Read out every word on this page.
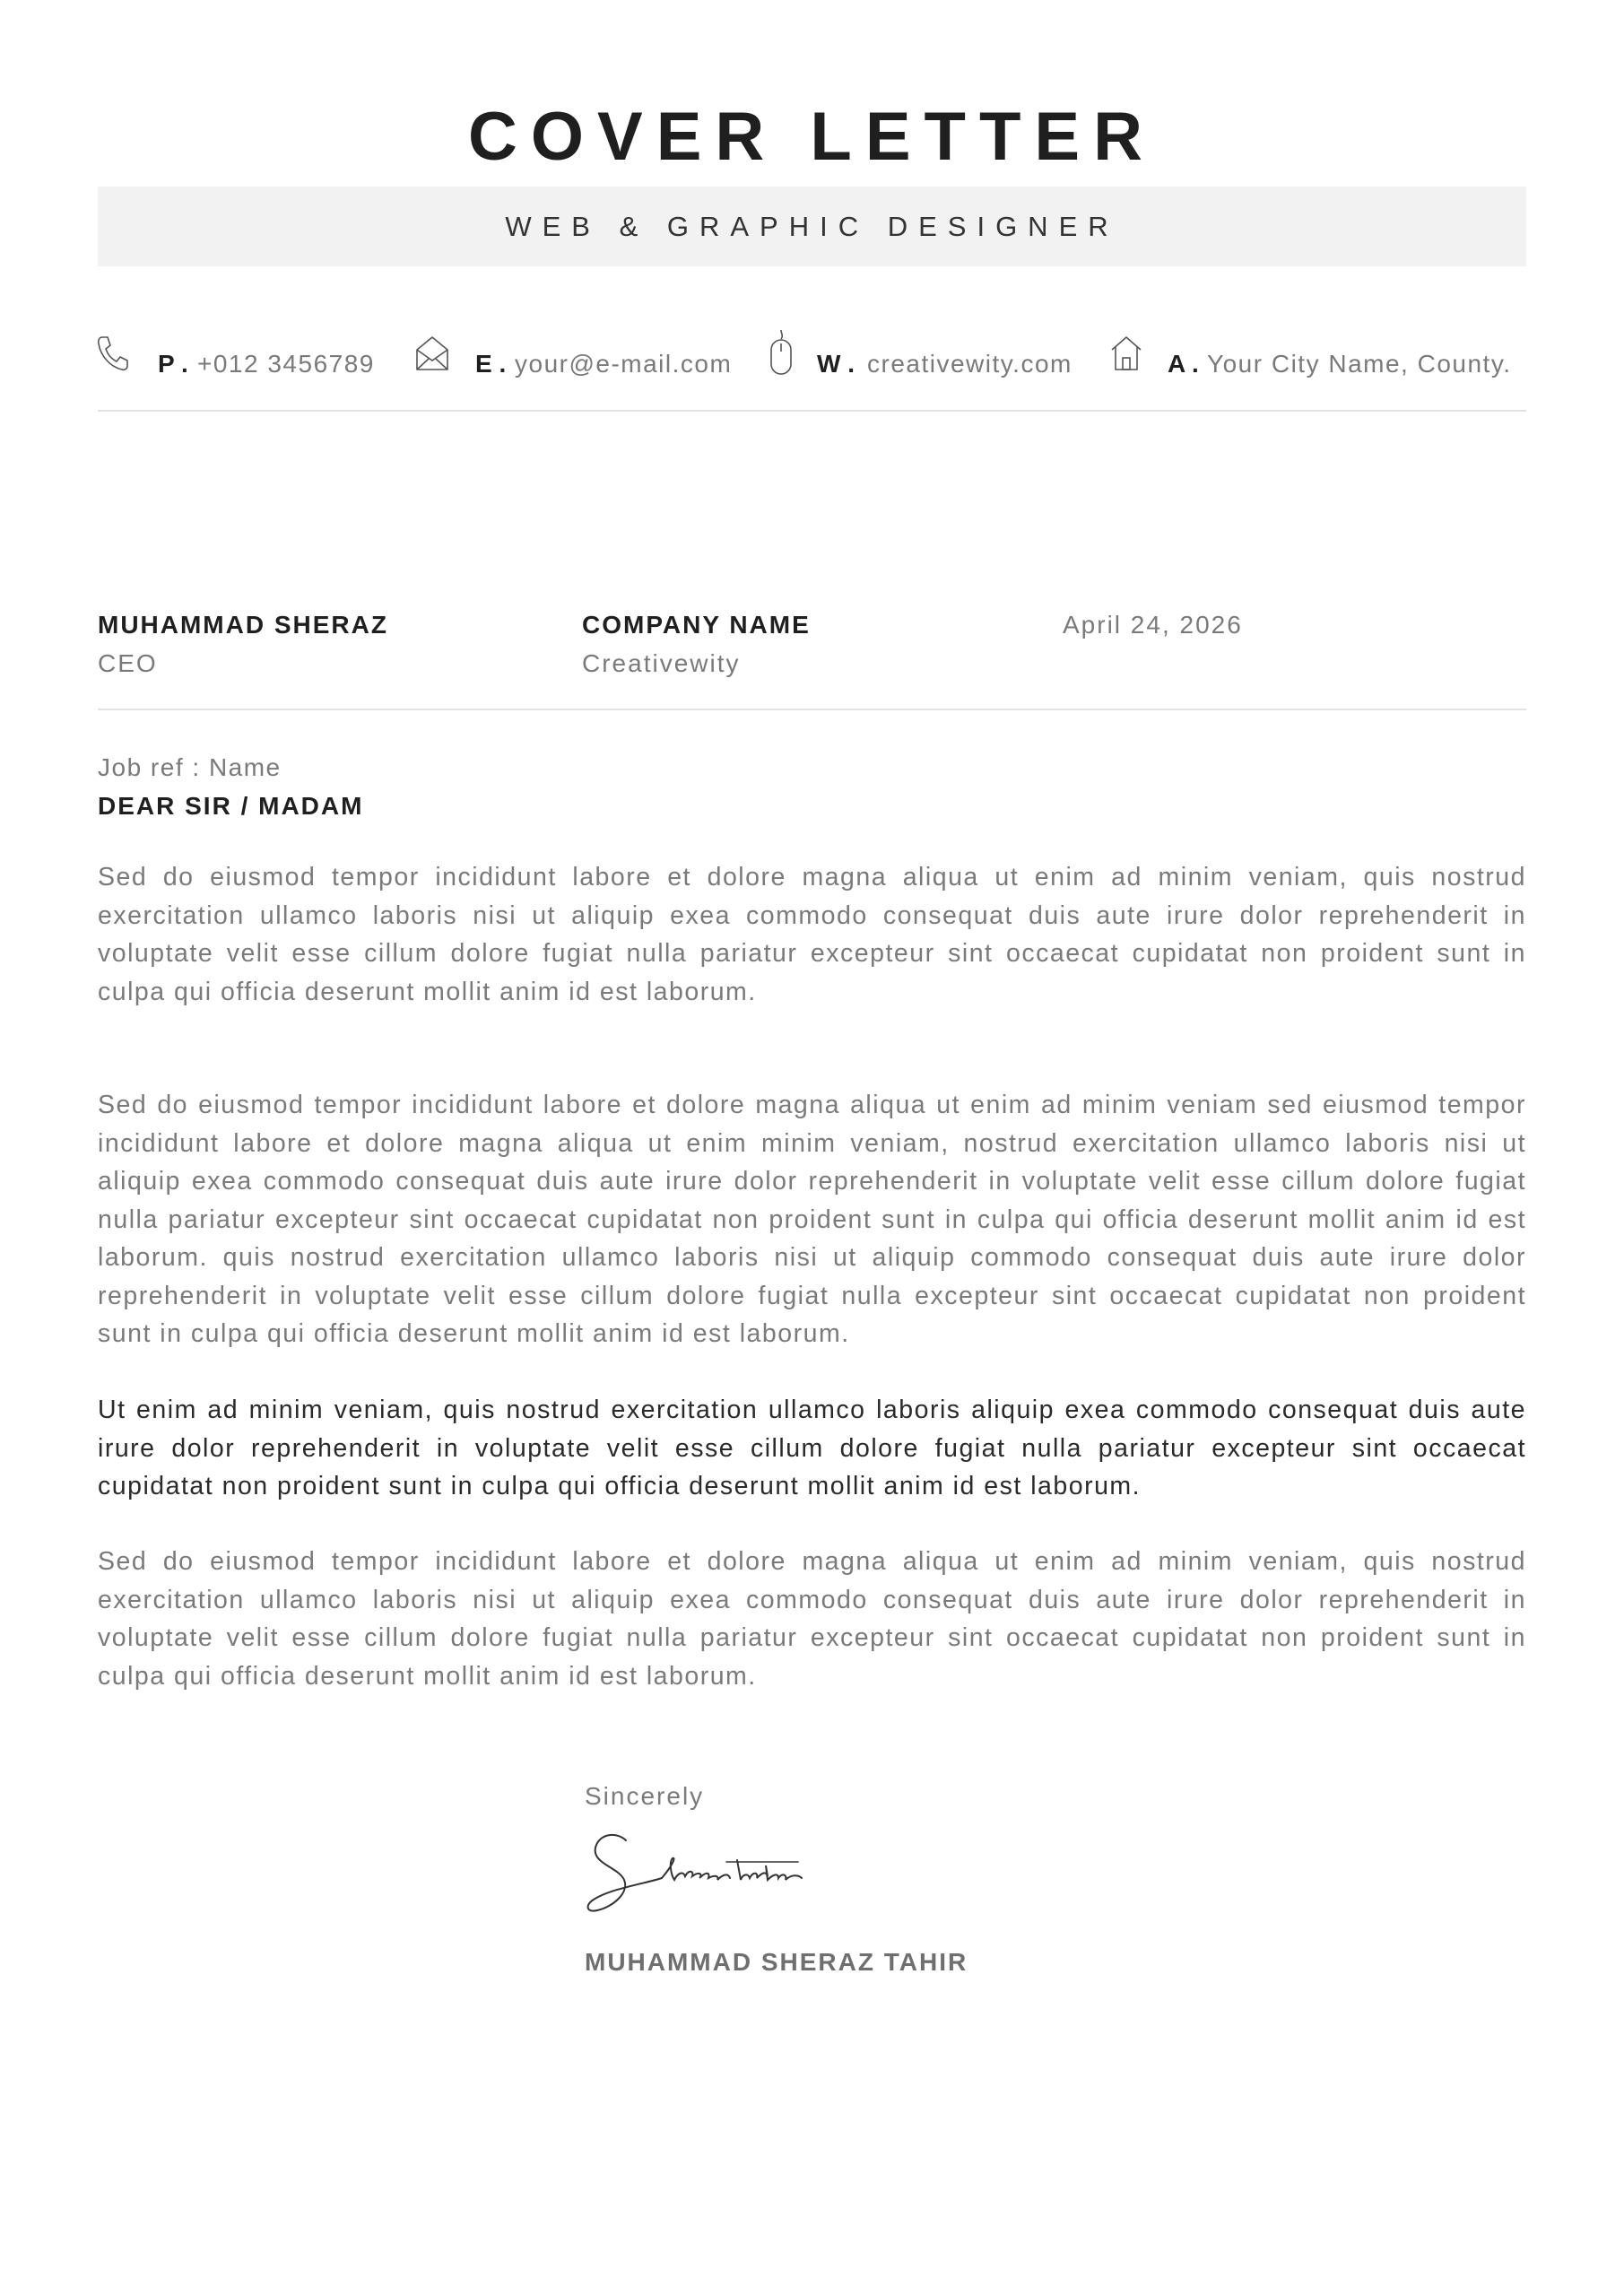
COVER LETTER
WEB & GRAPHIC DESIGNER
P . +012 3456789	E . your@e-mail.com	W . creativewity.com	A . Your City Name, County.
MUHAMMAD SHERAZ
CEO
COMPANY NAME
Creativewity
April 24, 2026
Job ref : Name
DEAR SIR / MADAM

Sed do eiusmod tempor incididunt labore et dolore magna aliqua ut enim ad minim veniam, quis nostrud exercitation ullamco laboris nisi ut aliquip exea commodo consequat duis aute irure dolor reprehenderit in voluptate velit esse cillum dolore fugiat nulla pariatur excepteur sint occaecat cupidatat non proident sunt in culpa qui officia deserunt mollit anim id est laborum.

Sed do eiusmod tempor incididunt labore et dolore magna aliqua ut enim ad minim veniam sed eiusmod tempor incididunt labore et dolore magna aliqua ut enim minim veniam, nostrud exercitation ullamco laboris nisi ut aliquip exea commodo consequat duis aute irure dolor reprehenderit in voluptate velit esse cillum dolore fugiat nulla pariatur excepteur sint occaecat cupidatat non proident sunt in culpa qui officia deserunt mollit anim id est laborum. quis nostrud exercitation ullamco laboris nisi ut aliquip commodo consequat duis aute irure dolor reprehenderit in voluptate velit esse cillum dolore fugiat nulla excepteur sint occaecat cupidatat non proident sunt in culpa qui officia deserunt mollit anim id est laborum.

Ut enim ad minim veniam, quis nostrud exercitation ullamco laboris aliquip exea commodo consequat duis aute irure dolor reprehenderit in voluptate velit esse cillum dolore fugiat nulla pariatur excepteur sint occaecat cupidatat non proident sunt in culpa qui officia deserunt mollit anim id est laborum.

Sed do eiusmod tempor incididunt labore et dolore magna aliqua ut enim ad minim veniam, quis nostrud exercitation ullamco laboris nisi ut aliquip exea commodo consequat duis aute irure dolor reprehenderit in voluptate velit esse cillum dolore fugiat nulla pariatur excepteur sint occaecat cupidatat non proident sunt in culpa qui officia deserunt mollit anim id est laborum.

Sincerely
MUHAMMAD SHERAZ TAHIR
